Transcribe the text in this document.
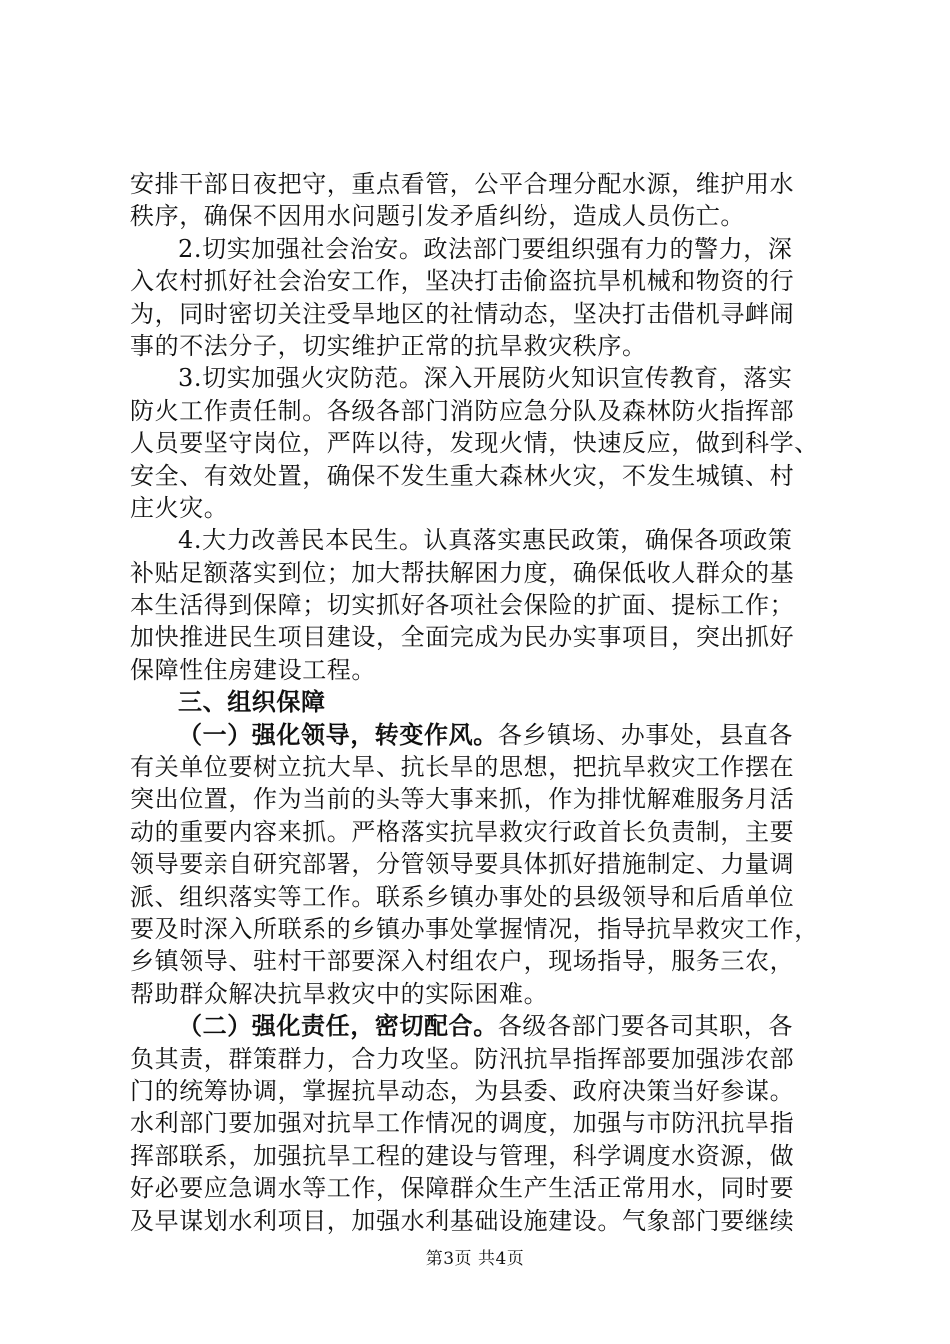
安排干部日夜把守，重点看管，公平合理分配水源，维护用水
秩序，确保不因用水问题引发矛盾纠纷，造成人员伤亡。
2.切实加强社会治安。政法部门要组织强有力的警力，深
入农村抓好社会治安工作，坚决打击偷盗抗旱机械和物资的行
为，同时密切关注受旱地区的社情动态，坚决打击借机寻衅闹
事的不法分子，切实维护正常的抗旱救灾秩序。
3.切实加强火灾防范。深入开展防火知识宣传教育，落实
防火工作责任制。各级各部门消防应急分队及森林防火指挥部
人员要坚守岗位，严阵以待，发现火情，快速反应，做到科学、
安全、有效处置，确保不发生重大森林火灾，不发生城镇、村
庄火灾。
4.大力改善民本民生。认真落实惠民政策，确保各项政策
补贴足额落实到位；加大帮扶解困力度，确保低收人群众的基
本生活得到保障；切实抓好各项社会保险的扩面、提标工作；
加快推进民生项目建设，全面完成为民办实事项目，突出抓好
保障性住房建设工程。
三、组织保障
（一）强化领导，转变作风。各乡镇场、办事处，县直各
有关单位要树立抗大旱、抗长旱的思想，把抗旱救灾工作摆在
突出位置，作为当前的头等大事来抓，作为排忧解难服务月活
动的重要内容来抓。严格落实抗旱救灾行政首长负责制，主要
领导要亲自研究部署，分管领导要具体抓好措施制定、力量调
派、组织落实等工作。联系乡镇办事处的县级领导和后盾单位
要及时深入所联系的乡镇办事处掌握情况，指导抗旱救灾工作，
乡镇领导、驻村干部要深入村组农户，现场指导，服务三农，
帮助群众解决抗旱救灾中的实际困难。
（二）强化责任，密切配合。各级各部门要各司其职，各
负其责，群策群力，合力攻坚。防汛抗旱指挥部要加强涉农部
门的统筹协调，掌握抗旱动态，为县委、政府决策当好参谋。
水利部门要加强对抗旱工作情况的调度，加强与市防汛抗旱指
挥部联系，加强抗旱工程的建设与管理，科学调度水资源，做
好必要应急调水等工作，保障群众生产生活正常用水，同时要
及早谋划水利项目，加强水利基础设施建设。气象部门要继续
第3页 共4页
